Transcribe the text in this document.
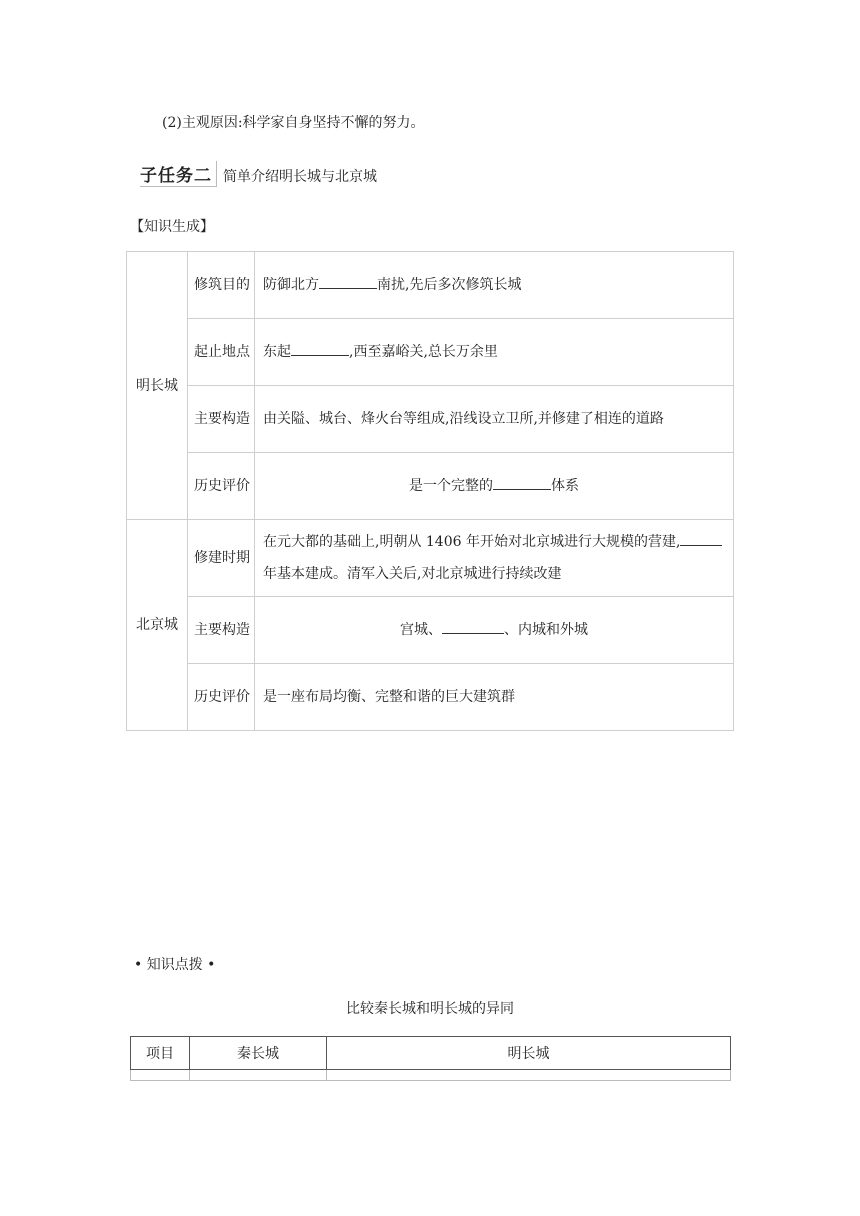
(2)主观原因:科学家自身坚持不懈的努力。
子任务二 简单介绍明长城与北京城
【知识生成】
明长城	修筑目的	防御北方 南扰,先后多次修筑长城
	起止地点	东起 ,西至嘉峪关,总长万余里
	主要构造	由关隘、城台、烽火台等组成,沿线设立卫所,并修建了相连的道路
	历史评价	是一个完整的 体系
北京城	修建时期	在元大都的基础上,明朝从 1406 年开始对北京城进行大规模的营建,年基本建成。清军入关后,对北京城进行持续改建
	主要构造	宫城、 、内城和外城
	历史评价	是一座布局均衡、完整和谐的巨大建筑群
• 知识点拨 •
比较秦长城和明长城的异同
项目	秦长城	明长城
